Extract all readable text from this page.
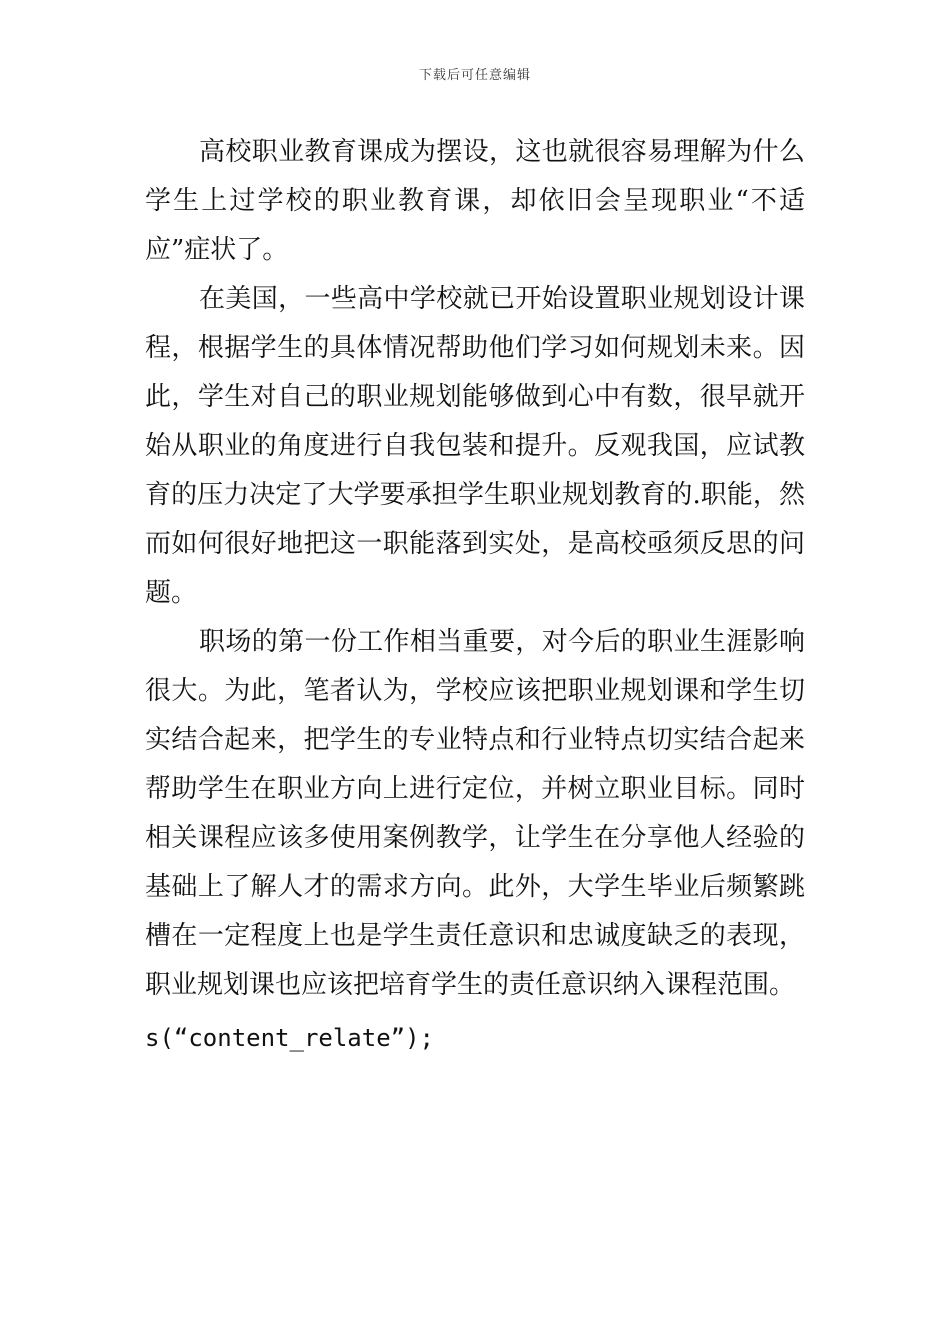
下载后可任意编辑
高校职业教育课成为摆设，这也就很容易理解为什么
学生上过学校的职业教育课，却依旧会呈现职业“不适
应”症状了。
在美国，一些高中学校就已开始设置职业规划设计课
程，根据学生的具体情况帮助他们学习如何规划未来。因
此，学生对自己的职业规划能够做到心中有数，很早就开
始从职业的角度进行自我包装和提升。反观我国，应试教
育的压力决定了大学要承担学生职业规划教育的.职能，然
而如何很好地把这一职能落到实处，是高校亟须反思的问
题。
职场的第一份工作相当重要，对今后的职业生涯影响
很大。为此，笔者认为，学校应该把职业规划课和学生切
实结合起来，把学生的专业特点和行业特点切实结合起来
帮助学生在职业方向上进行定位，并树立职业目标。同时
相关课程应该多使用案例教学，让学生在分享他人经验的
基础上了解人才的需求方向。此外，大学生毕业后频繁跳
槽在一定程度上也是学生责任意识和忠诚度缺乏的表现，
职业规划课也应该把培育学生的责任意识纳入课程范围。
s(“content_relate”);
